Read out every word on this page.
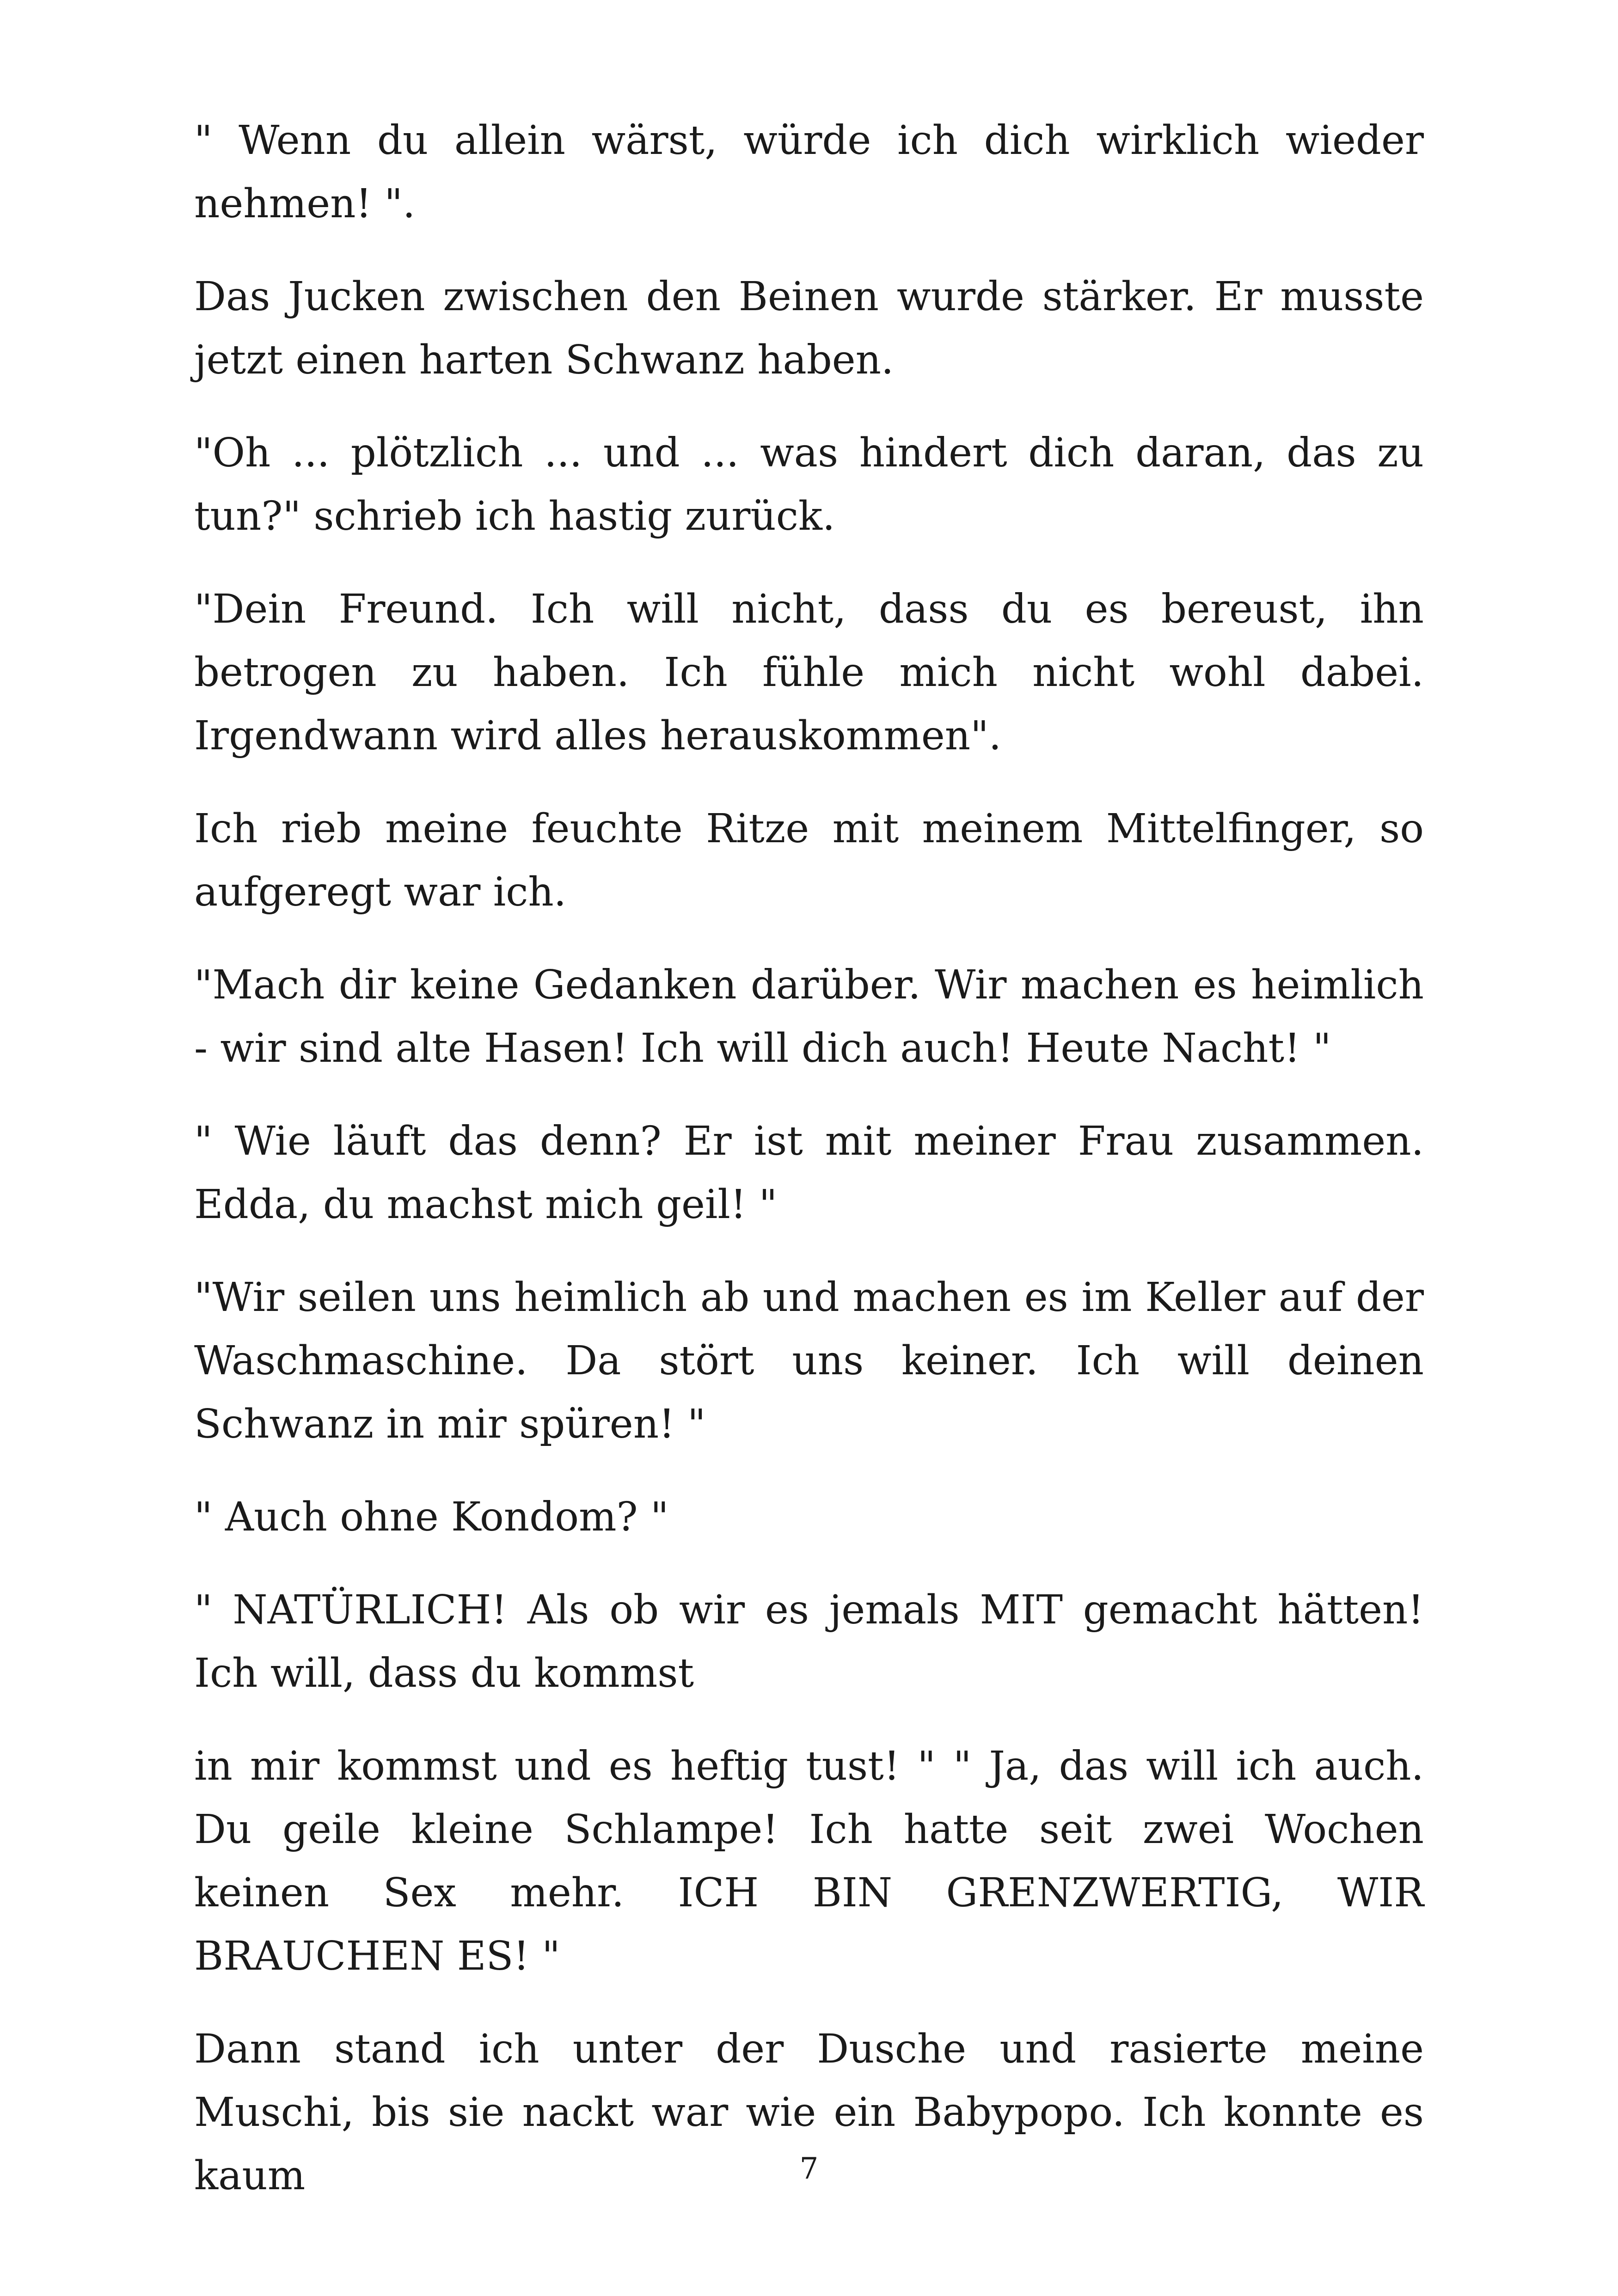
" Wenn du allein wärst, würde ich dich wirklich wieder nehmen! ".

Das Jucken zwischen den Beinen wurde stärker. Er musste jetzt einen harten Schwanz haben.

"Oh ... plötzlich ... und ... was hindert dich daran, das zu tun?" schrieb ich hastig zurück.

"Dein Freund. Ich will nicht, dass du es bereust, ihn betrogen zu haben. Ich fühle mich nicht wohl dabei. Irgendwann wird alles herauskommen".

Ich rieb meine feuchte Ritze mit meinem Mittelfinger, so aufgeregt war ich.

"Mach dir keine Gedanken darüber. Wir machen es heimlich - wir sind alte Hasen! Ich will dich auch! Heute Nacht! "

" Wie läuft das denn? Er ist mit meiner Frau zusammen. Edda, du machst mich geil! "

"Wir seilen uns heimlich ab und machen es im Keller auf der Waschmaschine. Da stört uns keiner. Ich will deinen Schwanz in mir spüren! "

" Auch ohne Kondom? "

" NATÜRLICH! Als ob wir es jemals MIT gemacht hätten! Ich will, dass du kommst

in mir kommst und es heftig tust! " " Ja, das will ich auch. Du geile kleine Schlampe! Ich hatte seit zwei Wochen keinen Sex mehr. ICH BIN GRENZWERTIG, WIR BRAUCHEN ES! "

Dann stand ich unter der Dusche und rasierte meine Muschi, bis sie nackt war wie ein Babypopo. Ich konnte es kaum	7
